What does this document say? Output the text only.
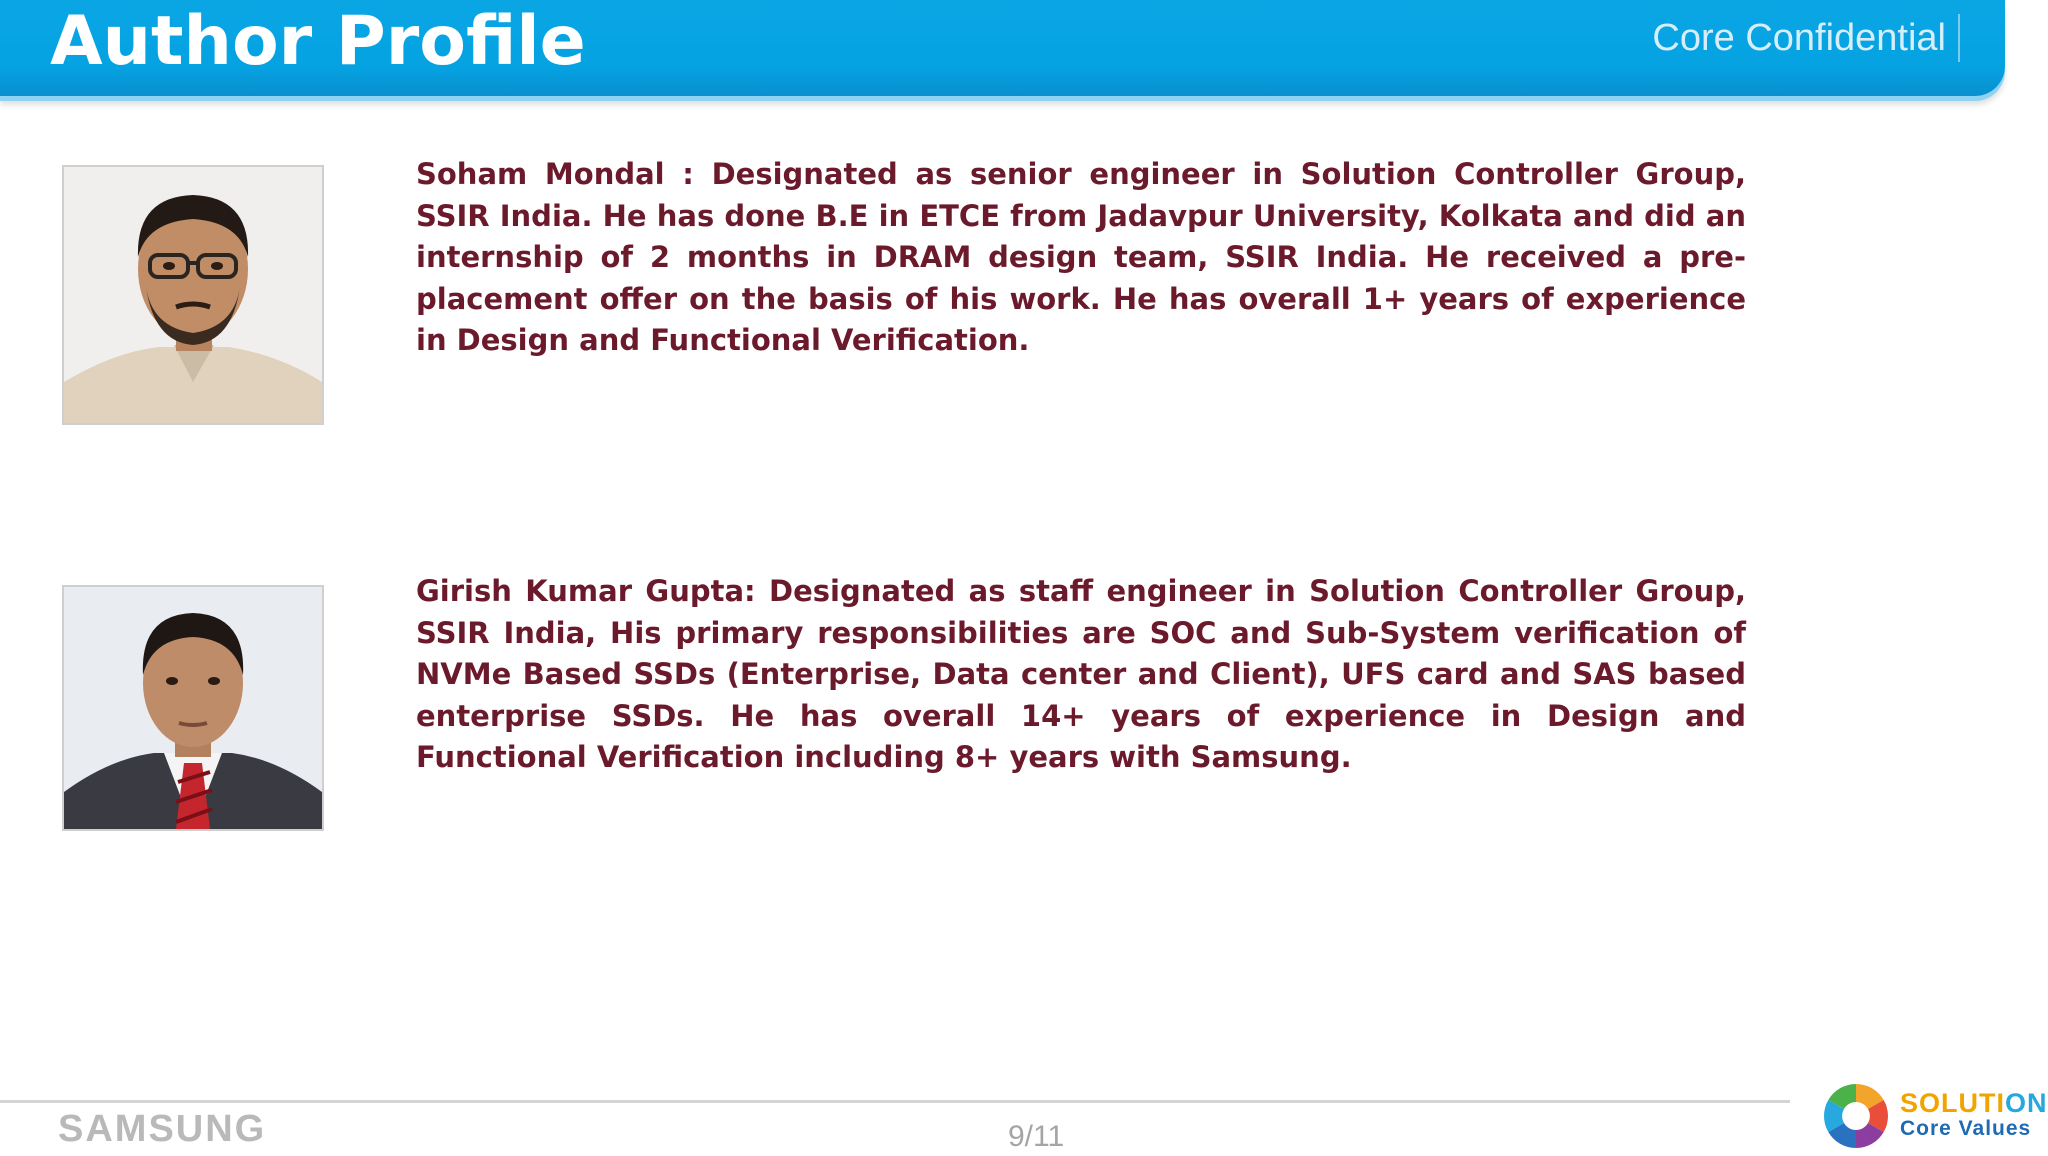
Author Profile	Core Confidential
Soham Mondal : Designated as senior engineer in Solution Controller Group, SSIR India. He has done B.E in ETCE from Jadavpur University, Kolkata and did an internship of 2 months in DRAM design team, SSIR India. He received a pre-placement offer on the basis of his work. He has overall 1+ years of experience in Design and Functional Verification.
Girish Kumar Gupta: Designated as staff engineer in Solution Controller Group, SSIR India, His primary responsibilities are SOC and Sub-System verification of NVMe Based SSDs (Enterprise, Data center and Client), UFS card and SAS based enterprise SSDs. He has overall 14+ years of experience in Design and Functional Verification including 8+ years with Samsung.
SAMSUNG	9/11
SOLUTION
Core Values
